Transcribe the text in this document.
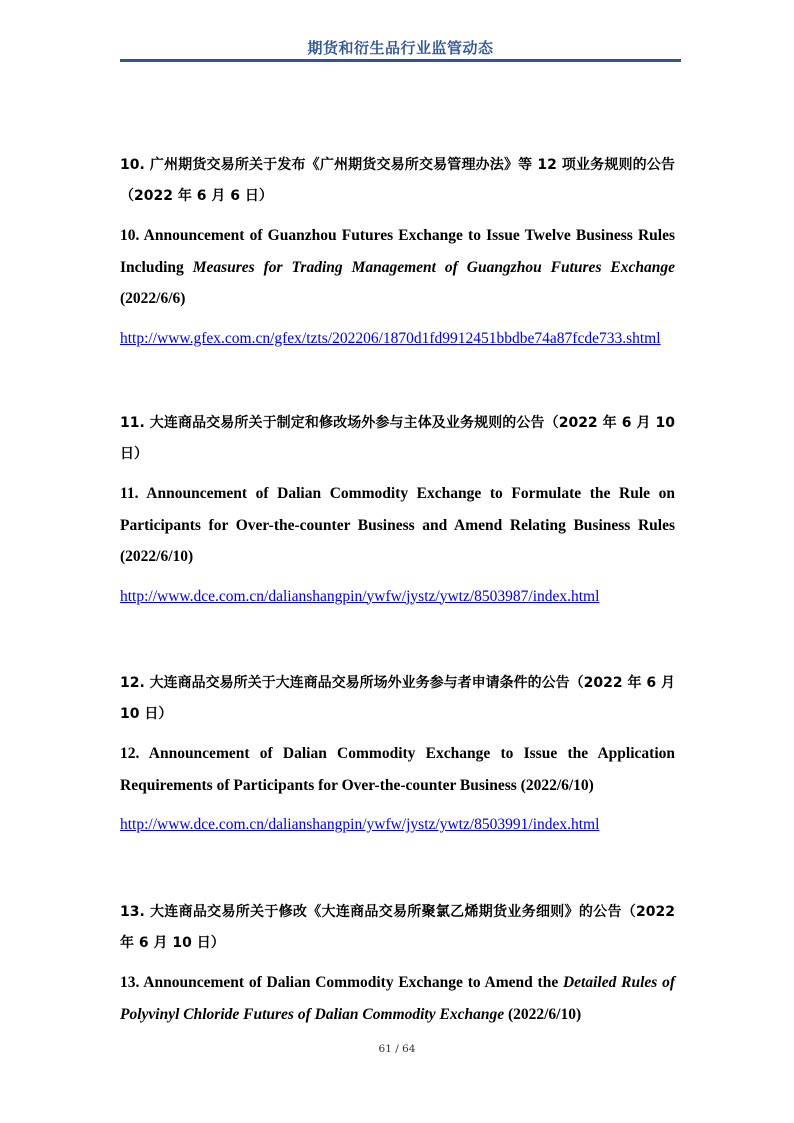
期货和衍生品行业监管动态

10. 广州期货交易所关于发布《广州期货交易所交易管理办法》等 12 项业务规则的公告（2022 年 6 月 6 日）

10. Announcement of Guanzhou Futures Exchange to Issue Twelve Business Rules Including Measures for Trading Management of Guangzhou Futures Exchange (2022/6/6)

http://www.gfex.com.cn/gfex/tzts/202206/1870d1fd9912451bbdbe74a87fcde733.shtml

11. 大连商品交易所关于制定和修改场外参与主体及业务规则的公告（2022 年 6 月 10 日）

11. Announcement of Dalian Commodity Exchange to Formulate the Rule on Participants for Over-the-counter Business and Amend Relating Business Rules (2022/6/10)

http://www.dce.com.cn/dalianshangpin/ywfw/jystz/ywtz/8503987/index.html

12. 大连商品交易所关于大连商品交易所场外业务参与者申请条件的公告（2022 年 6 月 10 日）

12. Announcement of Dalian Commodity Exchange to Issue the Application Requirements of Participants for Over-the-counter Business (2022/6/10)

http://www.dce.com.cn/dalianshangpin/ywfw/jystz/ywtz/8503991/index.html

13. 大连商品交易所关于修改《大连商品交易所聚氯乙烯期货业务细则》的公告（2022 年 6 月 10 日）

13. Announcement of Dalian Commodity Exchange to Amend the Detailed Rules of Polyvinyl Chloride Futures of Dalian Commodity Exchange (2022/6/10)

61 / 64
